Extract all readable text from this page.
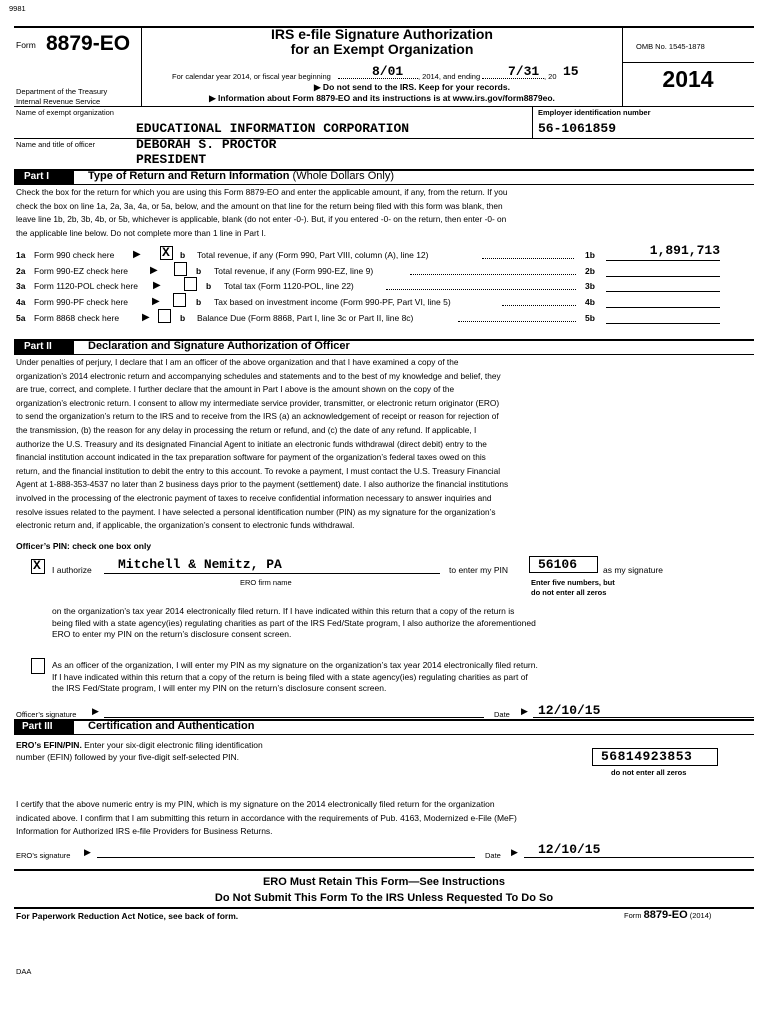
9981
Form 8879-EO
Department of the Treasury
Internal Revenue Service
IRS e-file Signature Authorization
for an Exempt Organization
For calendar year 2014, or fiscal year beginning	8/01 , 2014, and ending 7/31 , 20 15
▶ Do not send to the IRS. Keep for your records.
▶ Information about Form 8879-EO and its instructions is at www.irs.gov/form8879eo.
OMB No. 1545-1878
2014
Name of exempt organization	Employer identification number
EDUCATIONAL INFORMATION CORPORATION	56-1061859
Name and title of officer	DEBORAH S. PROCTOR
PRESIDENT
Part I	Type of Return and Return Information (Whole Dollars Only)
Check the box for the return for which you are using this Form 8879-EO and enter the applicable amount, if any, from the return. If you
check the box on line 1a, 2a, 3a, 4a, or 5a, below, and the amount on that line for the return being filed with this form was blank, then
leave line 1b, 2b, 3b, 4b, or 5b, whichever is applicable, blank (do not enter -0-). But, if you entered -0- on the return, then enter -0- on
the applicable line below. Do not complete more than 1 line in Part I.
1a Form 990 check here ▶ X b Total revenue, if any (Form 990, Part VIII, column (A), line 12)	1b	1,891,713
2a Form 990-EZ check here ▶	b Total revenue, if any (Form 990-EZ, line 9)	2b
3a Form 1120-POL check here ▶	b Total tax (Form 1120-POL, line 22)	3b
4a Form 990-PF check here ▶	b Tax based on investment income (Form 990-PF, Part VI, line 5)	4b
5a Form 8868 check here ▶	b Balance Due (Form 8868, Part I, line 3c or Part II, line 8c)	5b
Part II	Declaration and Signature Authorization of Officer
Under penalties of perjury, I declare that I am an officer of the above organization and that I have examined a copy of the
organization’s 2014 electronic return and accompanying schedules and statements and to the best of my knowledge and belief, they
are true, correct, and complete. I further declare that the amount in Part I above is the amount shown on the copy of the
organization’s electronic return. I consent to allow my intermediate service provider, transmitter, or electronic return originator (ERO)
to send the organization’s return to the IRS and to receive from the IRS (a) an acknowledgement of receipt or reason for rejection of
the transmission, (b) the reason for any delay in processing the return or refund, and (c) the date of any refund. If applicable, I
authorize the U.S. Treasury and its designated Financial Agent to initiate an electronic funds withdrawal (direct debit) entry to the
financial institution account indicated in the tax preparation software for payment of the organization’s federal taxes owed on this
return, and the financial institution to debit the entry to this account. To revoke a payment, I must contact the U.S. Treasury Financial
Agent at 1-888-353-4537 no later than 2 business days prior to the payment (settlement) date. I also authorize the financial institutions
involved in the processing of the electronic payment of taxes to receive confidential information necessary to answer inquiries and
resolve issues related to the payment. I have selected a personal identification number (PIN) as my signature for the organization’s
electronic return and, if applicable, the organization’s consent to electronic funds withdrawal.
Officer’s PIN: check one box only
X I authorize Mitchell & Nemitz, PA
ERO firm name
to enter my PIN 56106	as my signature
Enter five numbers, but
do not enter all zeros
on the organization’s tax year 2014 electronically filed return. If I have indicated within this return that a copy of the return is
being filed with a state agency(ies) regulating charities as part of the IRS Fed/State program, I also authorize the aforementioned
ERO to enter my PIN on the return’s disclosure consent screen.
As an officer of the organization, I will enter my PIN as my signature on the organization’s tax year 2014 electronically filed return.
If I have indicated within this return that a copy of the return is being filed with a state agency(ies) regulating charities as part of
the IRS Fed/State program, I will enter my PIN on the return’s disclosure consent screen.
Officer’s signature ▶	Date ▶ 12/10/15
Part III	Certification and Authentication
ERO’s EFIN/PIN. Enter your six-digit electronic filing identification
number (EFIN) followed by your five-digit self-selected PIN.	56814923853
do not enter all zeros
I certify that the above numeric entry is my PIN, which is my signature on the 2014 electronically filed return for the organization
indicated above. I confirm that I am submitting this return in accordance with the requirements of Pub. 4163, Modernized e-File (MeF)
Information for Authorized IRS e-file Providers for Business Returns.
ERO’s signature ▶	Date ▶ 12/10/15
ERO Must Retain This Form—See Instructions
Do Not Submit This Form To the IRS Unless Requested To Do So
For Paperwork Reduction Act Notice, see back of form.	Form 8879-EO (2014)
DAA
